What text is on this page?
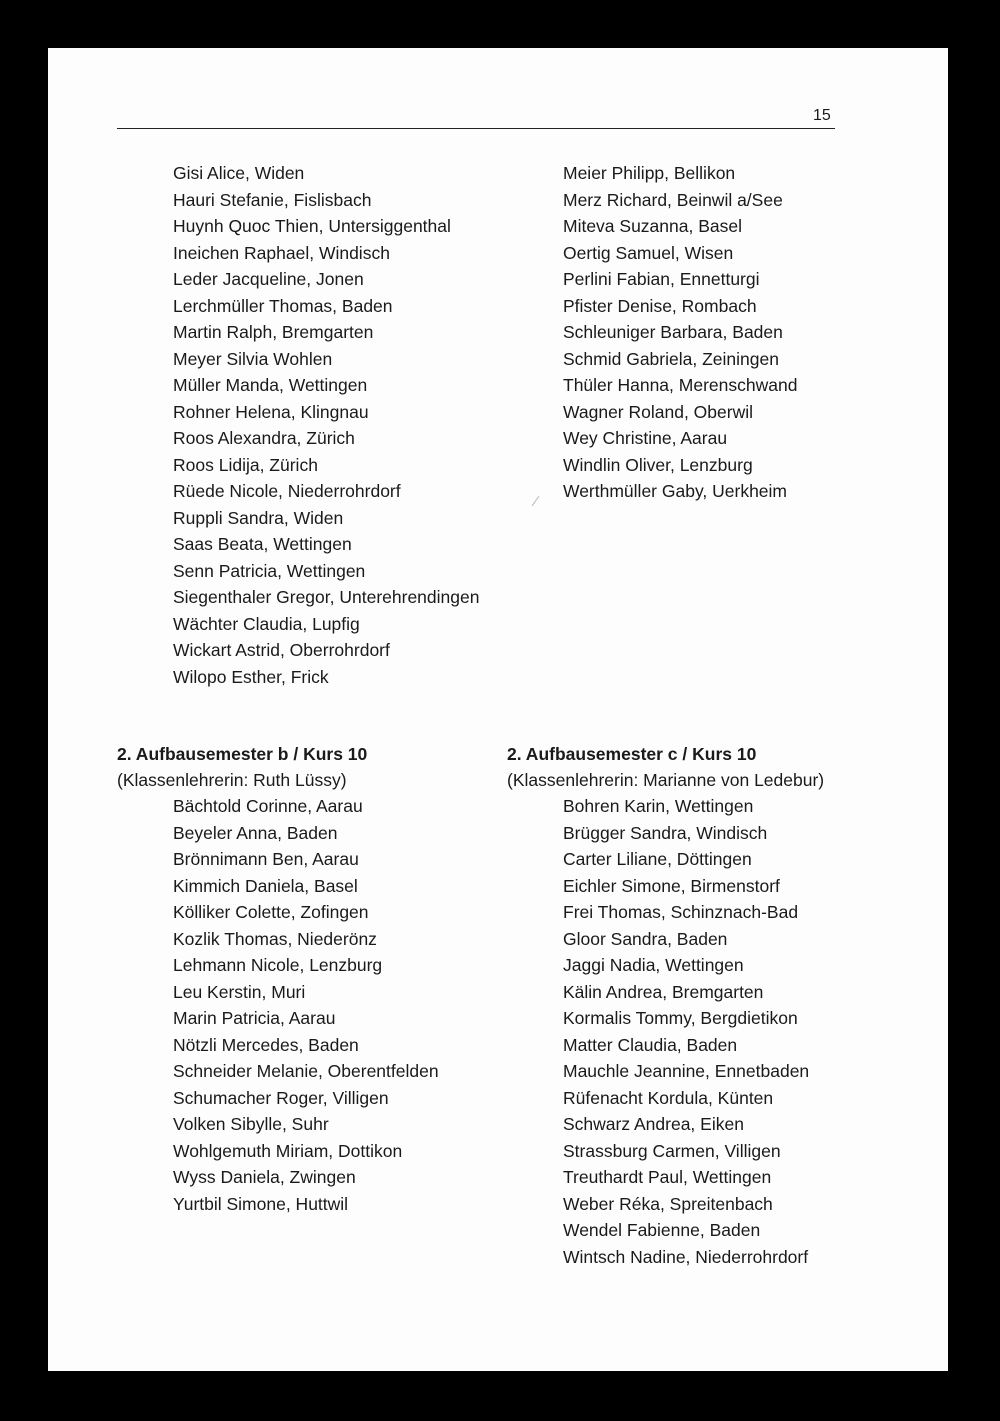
15
Gisi Alice, Widen
Hauri Stefanie, Fislisbach
Huynh Quoc Thien, Untersiggenthal
Ineichen Raphael, Windisch
Leder Jacqueline, Jonen
Lerchmüller Thomas, Baden
Martin Ralph, Bremgarten
Meyer Silvia Wohlen
Müller Manda, Wettingen
Rohner Helena, Klingnau
Roos Alexandra, Zürich
Roos Lidija, Zürich
Rüede Nicole, Niederrohrdorf
Ruppli Sandra, Widen
Saas Beata, Wettingen
Senn Patricia, Wettingen
Siegenthaler Gregor, Unterehrendingen
Wächter Claudia, Lupfig
Wickart Astrid, Oberrohrdorf
Wilopo Esther, Frick
Meier Philipp, Bellikon
Merz Richard, Beinwil a/See
Miteva Suzanna, Basel
Oertig Samuel, Wisen
Perlini Fabian, Ennetturgi
Pfister Denise, Rombach
Schleuniger Barbara, Baden
Schmid Gabriela, Zeiningen
Thüler Hanna, Merenschwand
Wagner Roland, Oberwil
Wey Christine, Aarau
Windlin Oliver, Lenzburg
Werthmüller Gaby, Uerkheim
2. Aufbausemester b / Kurs 10
(Klassenlehrerin: Ruth Lüssy)
Bächtold Corinne, Aarau
Beyeler Anna, Baden
Brönnimann Ben, Aarau
Kimmich Daniela, Basel
Kölliker Colette, Zofingen
Kozlik Thomas, Niederönz
Lehmann Nicole, Lenzburg
Leu Kerstin, Muri
Marin Patricia, Aarau
Nötzli Mercedes, Baden
Schneider Melanie, Oberentfelden
Schumacher Roger, Villigen
Volken Sibylle, Suhr
Wohlgemuth Miriam, Dottikon
Wyss Daniela, Zwingen
Yurtbil Simone, Huttwil
2. Aufbausemester c / Kurs 10
(Klassenlehrerin: Marianne von Ledebur)
Bohren Karin, Wettingen
Brügger Sandra, Windisch
Carter Liliane, Döttingen
Eichler Simone, Birmenstorf
Frei Thomas, Schinznach-Bad
Gloor Sandra, Baden
Jaggi Nadia, Wettingen
Kälin Andrea, Bremgarten
Kormalis Tommy, Bergdietikon
Matter Claudia, Baden
Mauchle Jeannine, Ennetbaden
Rüfenacht Kordula, Künten
Schwarz Andrea, Eiken
Strassburg Carmen, Villigen
Treuthardt Paul, Wettingen
Weber Réka, Spreitenbach
Wendel Fabienne, Baden
Wintsch Nadine, Niederrohrdorf
